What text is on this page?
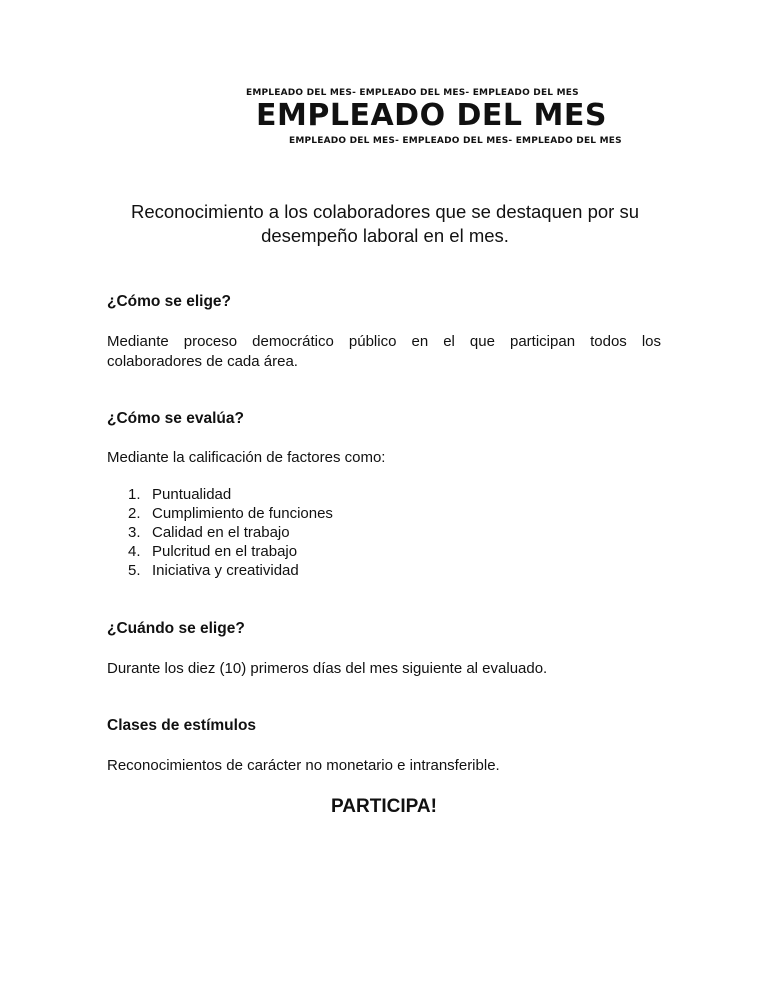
EMPLEADO DEL MES- EMPLEADO DEL MES- EMPLEADO DEL MES
EMPLEADO DEL MES
EMPLEADO DEL MES- EMPLEADO DEL MES- EMPLEADO DEL MES
Reconocimiento a los colaboradores que se destaquen por su desempeño laboral en el mes.
¿Cómo se elige?
Mediante proceso democrático público en el que participan todos los colaboradores de cada área.
¿Cómo se evalúa?
Mediante la calificación de factores como:
1. Puntualidad
2. Cumplimiento de funciones
3. Calidad en el trabajo
4. Pulcritud en el trabajo
5. Iniciativa y creatividad
¿Cuándo se elige?
Durante los diez (10) primeros días del mes siguiente al evaluado.
Clases de estímulos
Reconocimientos de carácter no monetario e intransferible.
PARTICIPA!
